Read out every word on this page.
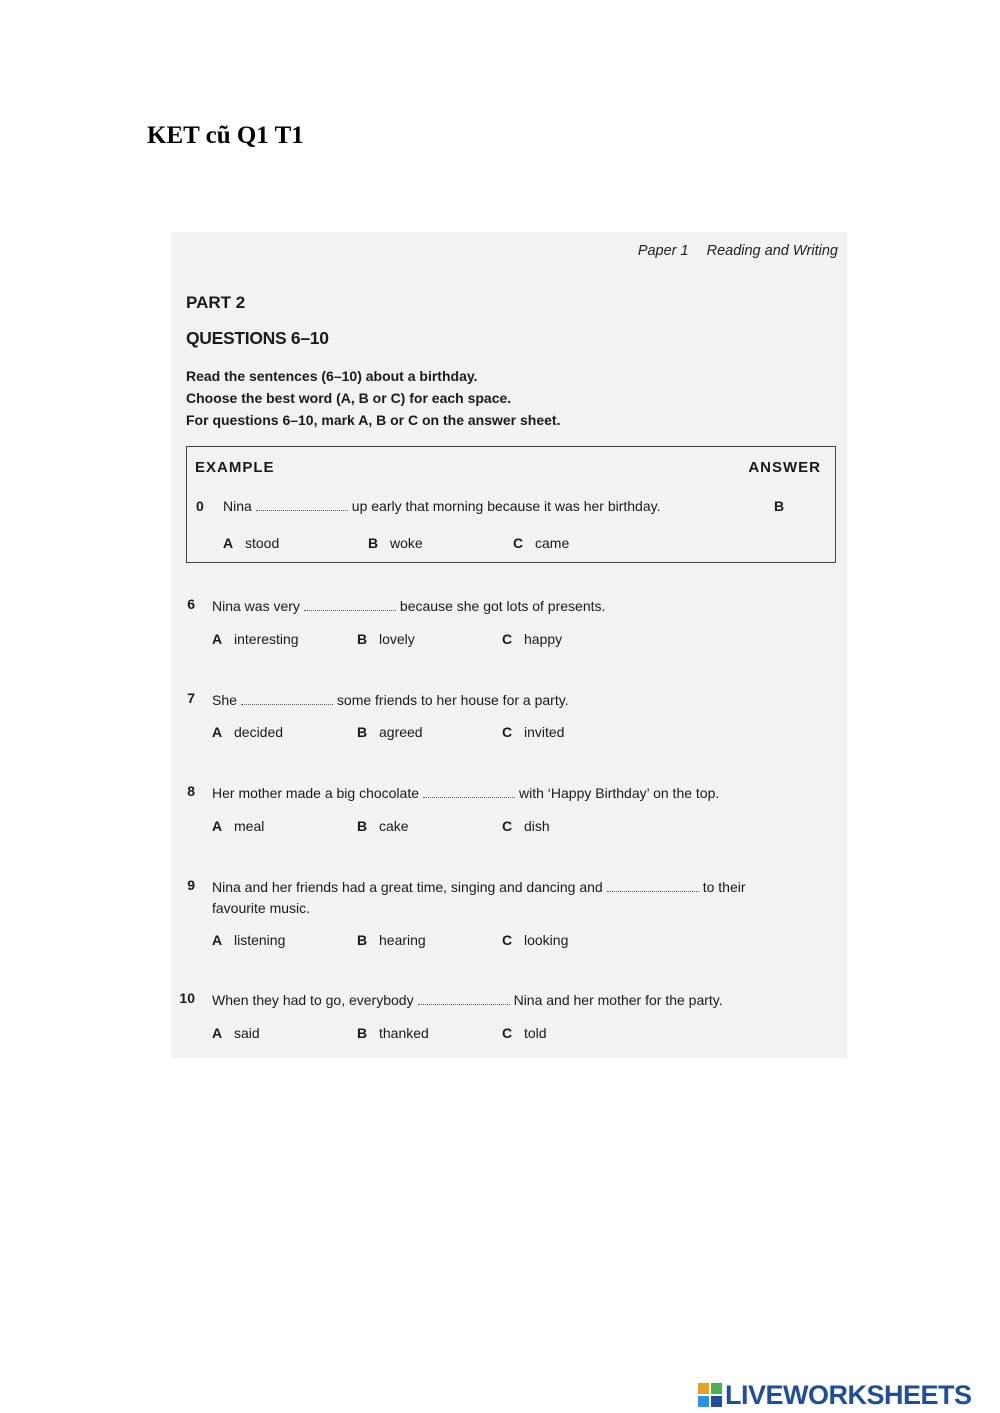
KET cũ Q1 T1
Paper 1 Reading and Writing
PART 2
QUESTIONS 6–10
Read the sentences (6–10) about a birthday.
Choose the best word (A, B or C) for each space.
For questions 6–10, mark A, B or C on the answer sheet.
EXAMPLE	ANSWER
0 Nina	up early that morning because it was her birthday.	B
A stood	B woke	C came
6 Nina was very	because she got lots of presents.
A interesting	B lovely	C happy
7 She	some friends to her house for a party.
A decided	B agreed	C invited
8 Her mother made a big chocolate	with ‘Happy Birthday’ on the top.
A meal	B cake	C dish
9 Nina and her friends had a great time, singing and dancing and	to their
favourite music.
A listening	B hearing	C looking
10 When they had to go, everybody	Nina and her mother for the party.
A said	B thanked	C told
LIVEWORKSHEETS
